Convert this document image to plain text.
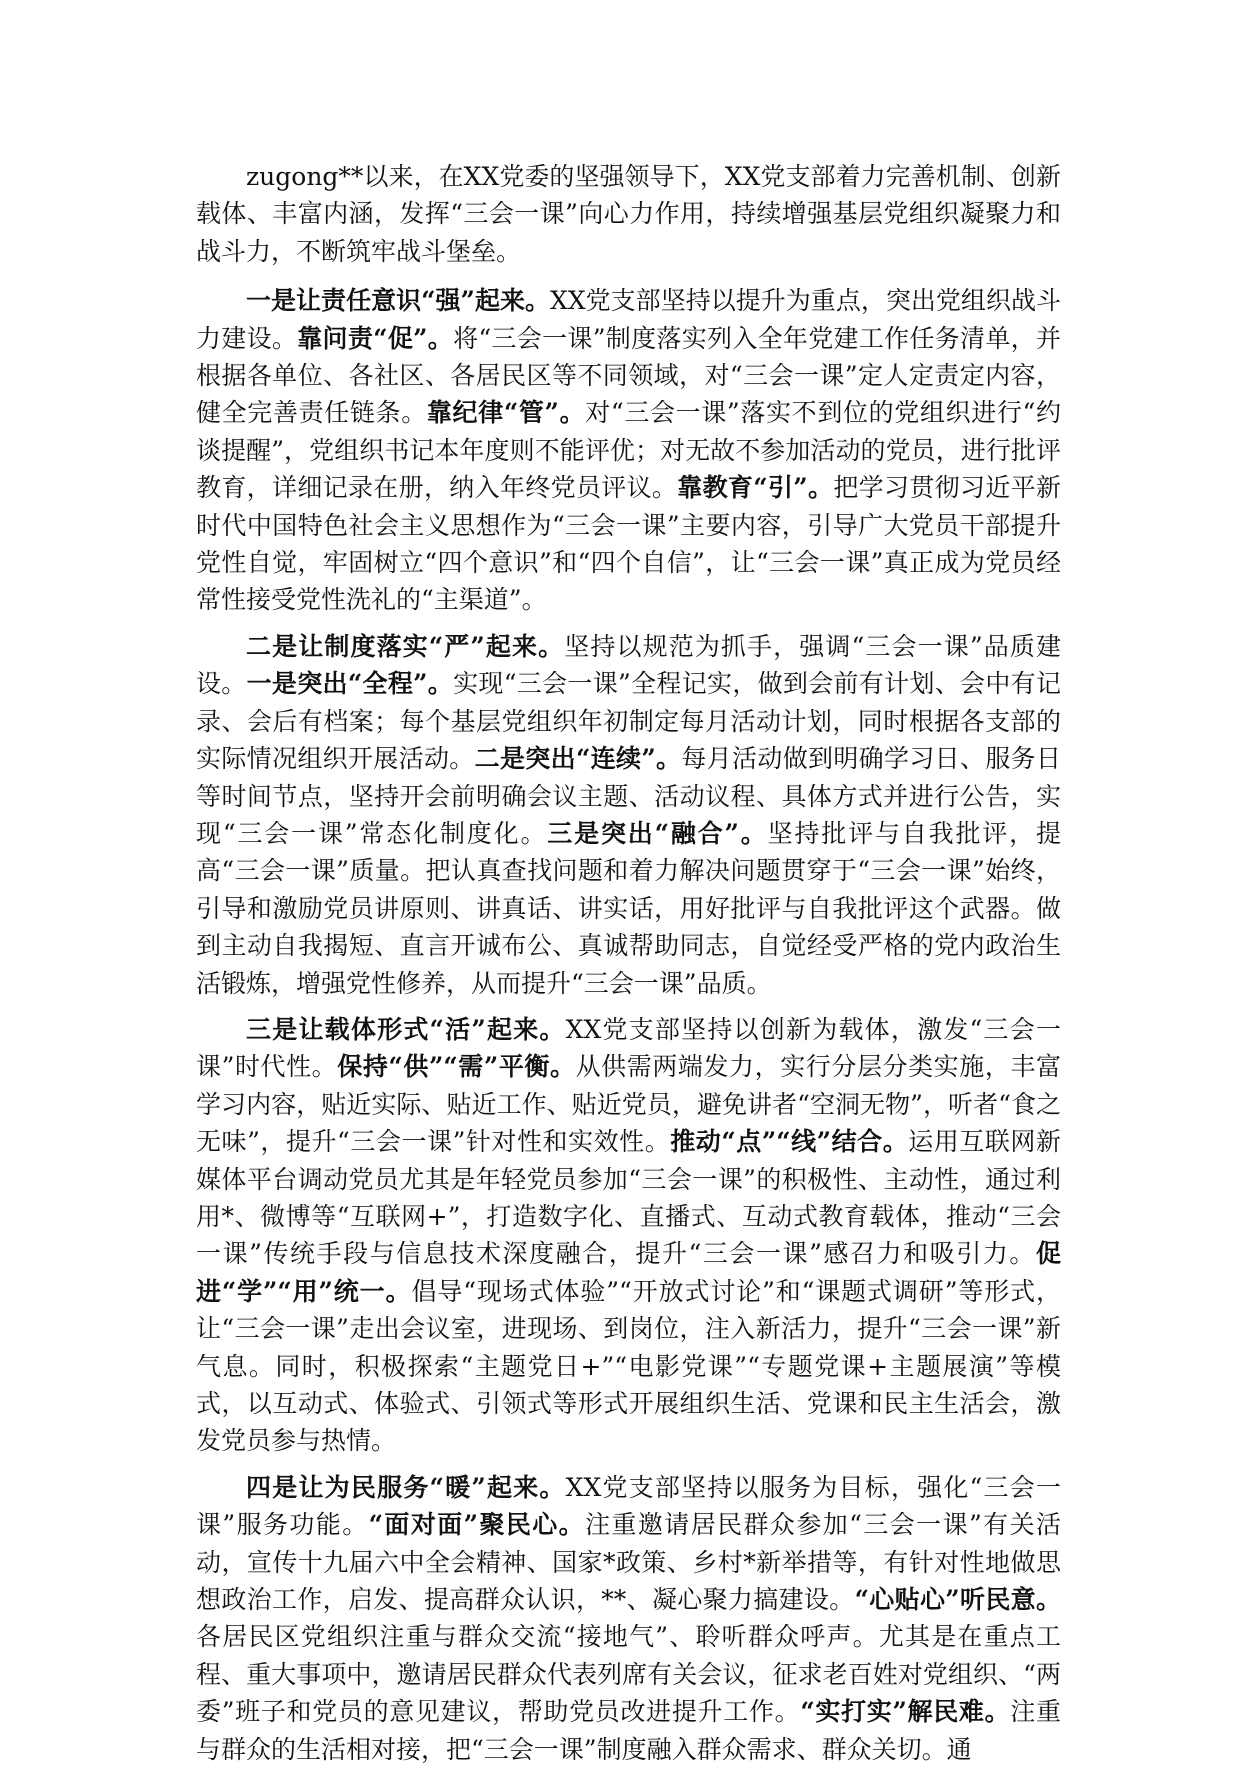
zugong**以来，在XX党委的坚强领导下，XX党支部着力完善机制、创新载体、丰富内涵，发挥“三会一课”向心力作用，持续增强基层党组织凝聚力和战斗力，不断筑牢战斗堡垒。

一是让责任意识“强”起来。XX党支部坚持以提升为重点，突出党组织战斗力建设。靠问责“促”。将“三会一课”制度落实列入全年党建工作任务清单，并根据各单位、各社区、各居民区等不同领域，对“三会一课”定人定责定内容，健全完善责任链条。靠纪律“管”。对“三会一课”落实不到位的党组织进行“约谈提醒”，党组织书记本年度则不能评优；对无故不参加活动的党员，进行批评教育，详细记录在册，纳入年终党员评议。靠教育“引”。把学习贯彻习近平新时代中国特色社会主义思想作为“三会一课”主要内容，引导广大党员干部提升党性自觉，牢固树立“四个意识”和“四个自信”，让“三会一课”真正成为党员经常性接受党性洗礼的“主渠道”。

二是让制度落实“严”起来。坚持以规范为抓手，强调“三会一课”品质建设。一是突出“全程”。实现“三会一课”全程记实，做到会前有计划、会中有记录、会后有档案；每个基层党组织年初制定每月活动计划，同时根据各支部的实际情况组织开展活动。二是突出“连续”。每月活动做到明确学习日、服务日等时间节点，坚持开会前明确会议主题、活动议程、具体方式并进行公告，实现“三会一课”常态化制度化。三是突出“融合”。坚持批评与自我批评，提高“三会一课”质量。把认真查找问题和着力解决问题贯穿于“三会一课”始终，引导和激励党员讲原则、讲真话、讲实话，用好批评与自我批评这个武器。做到主动自我揭短、直言开诚布公、真诚帮助同志，自觉经受严格的党内政治生活锻炼，增强党性修养，从而提升“三会一课”品质。

三是让载体形式“活”起来。XX党支部坚持以创新为载体，激发“三会一课”时代性。保持“供”“需”平衡。从供需两端发力，实行分层分类实施，丰富学习内容，贴近实际、贴近工作、贴近党员，避免讲者“空洞无物”，听者“食之无味”，提升“三会一课”针对性和实效性。推动“点”“线”结合。运用互联网新媒体平台调动党员尤其是年轻党员参加“三会一课”的积极性、主动性，通过利用*、微博等“互联网+”，打造数字化、直播式、互动式教育载体，推动“三会一课”传统手段与信息技术深度融合，提升“三会一课”感召力和吸引力。促进“学”“用”统一。倡导“现场式体验”“开放式讨论”和“课题式调研”等形式，让“三会一课”走出会议室，进现场、到岗位，注入新活力，提升“三会一课”新气息。同时，积极探索“主题党日+”“电影党课”“专题党课+主题展演”等模式，以互动式、体验式、引领式等形式开展组织生活、党课和民主生活会，激发党员参与热情。

四是让为民服务“暖”起来。XX党支部坚持以服务为目标，强化“三会一课”服务功能。“面对面”聚民心。注重邀请居民群众参加“三会一课”有关活动，宣传十九届六中全会精神、国家*政策、乡村*新举措等，有针对性地做思想政治工作，启发、提高群众认识，**、凝心聚力搞建设。“心贴心”听民意。各居民区党组织注重与群众交流“接地气”、聆听群众呼声。尤其是在重点工程、重大事项中，邀请居民群众代表列席有关会议，征求老百姓对党组织、“两委”班子和党员的意见建议，帮助党员改进提升工作。“实打实”解民难。注重与群众的生活相对接，把“三会一课”制度融入群众需求、群众关切。通
